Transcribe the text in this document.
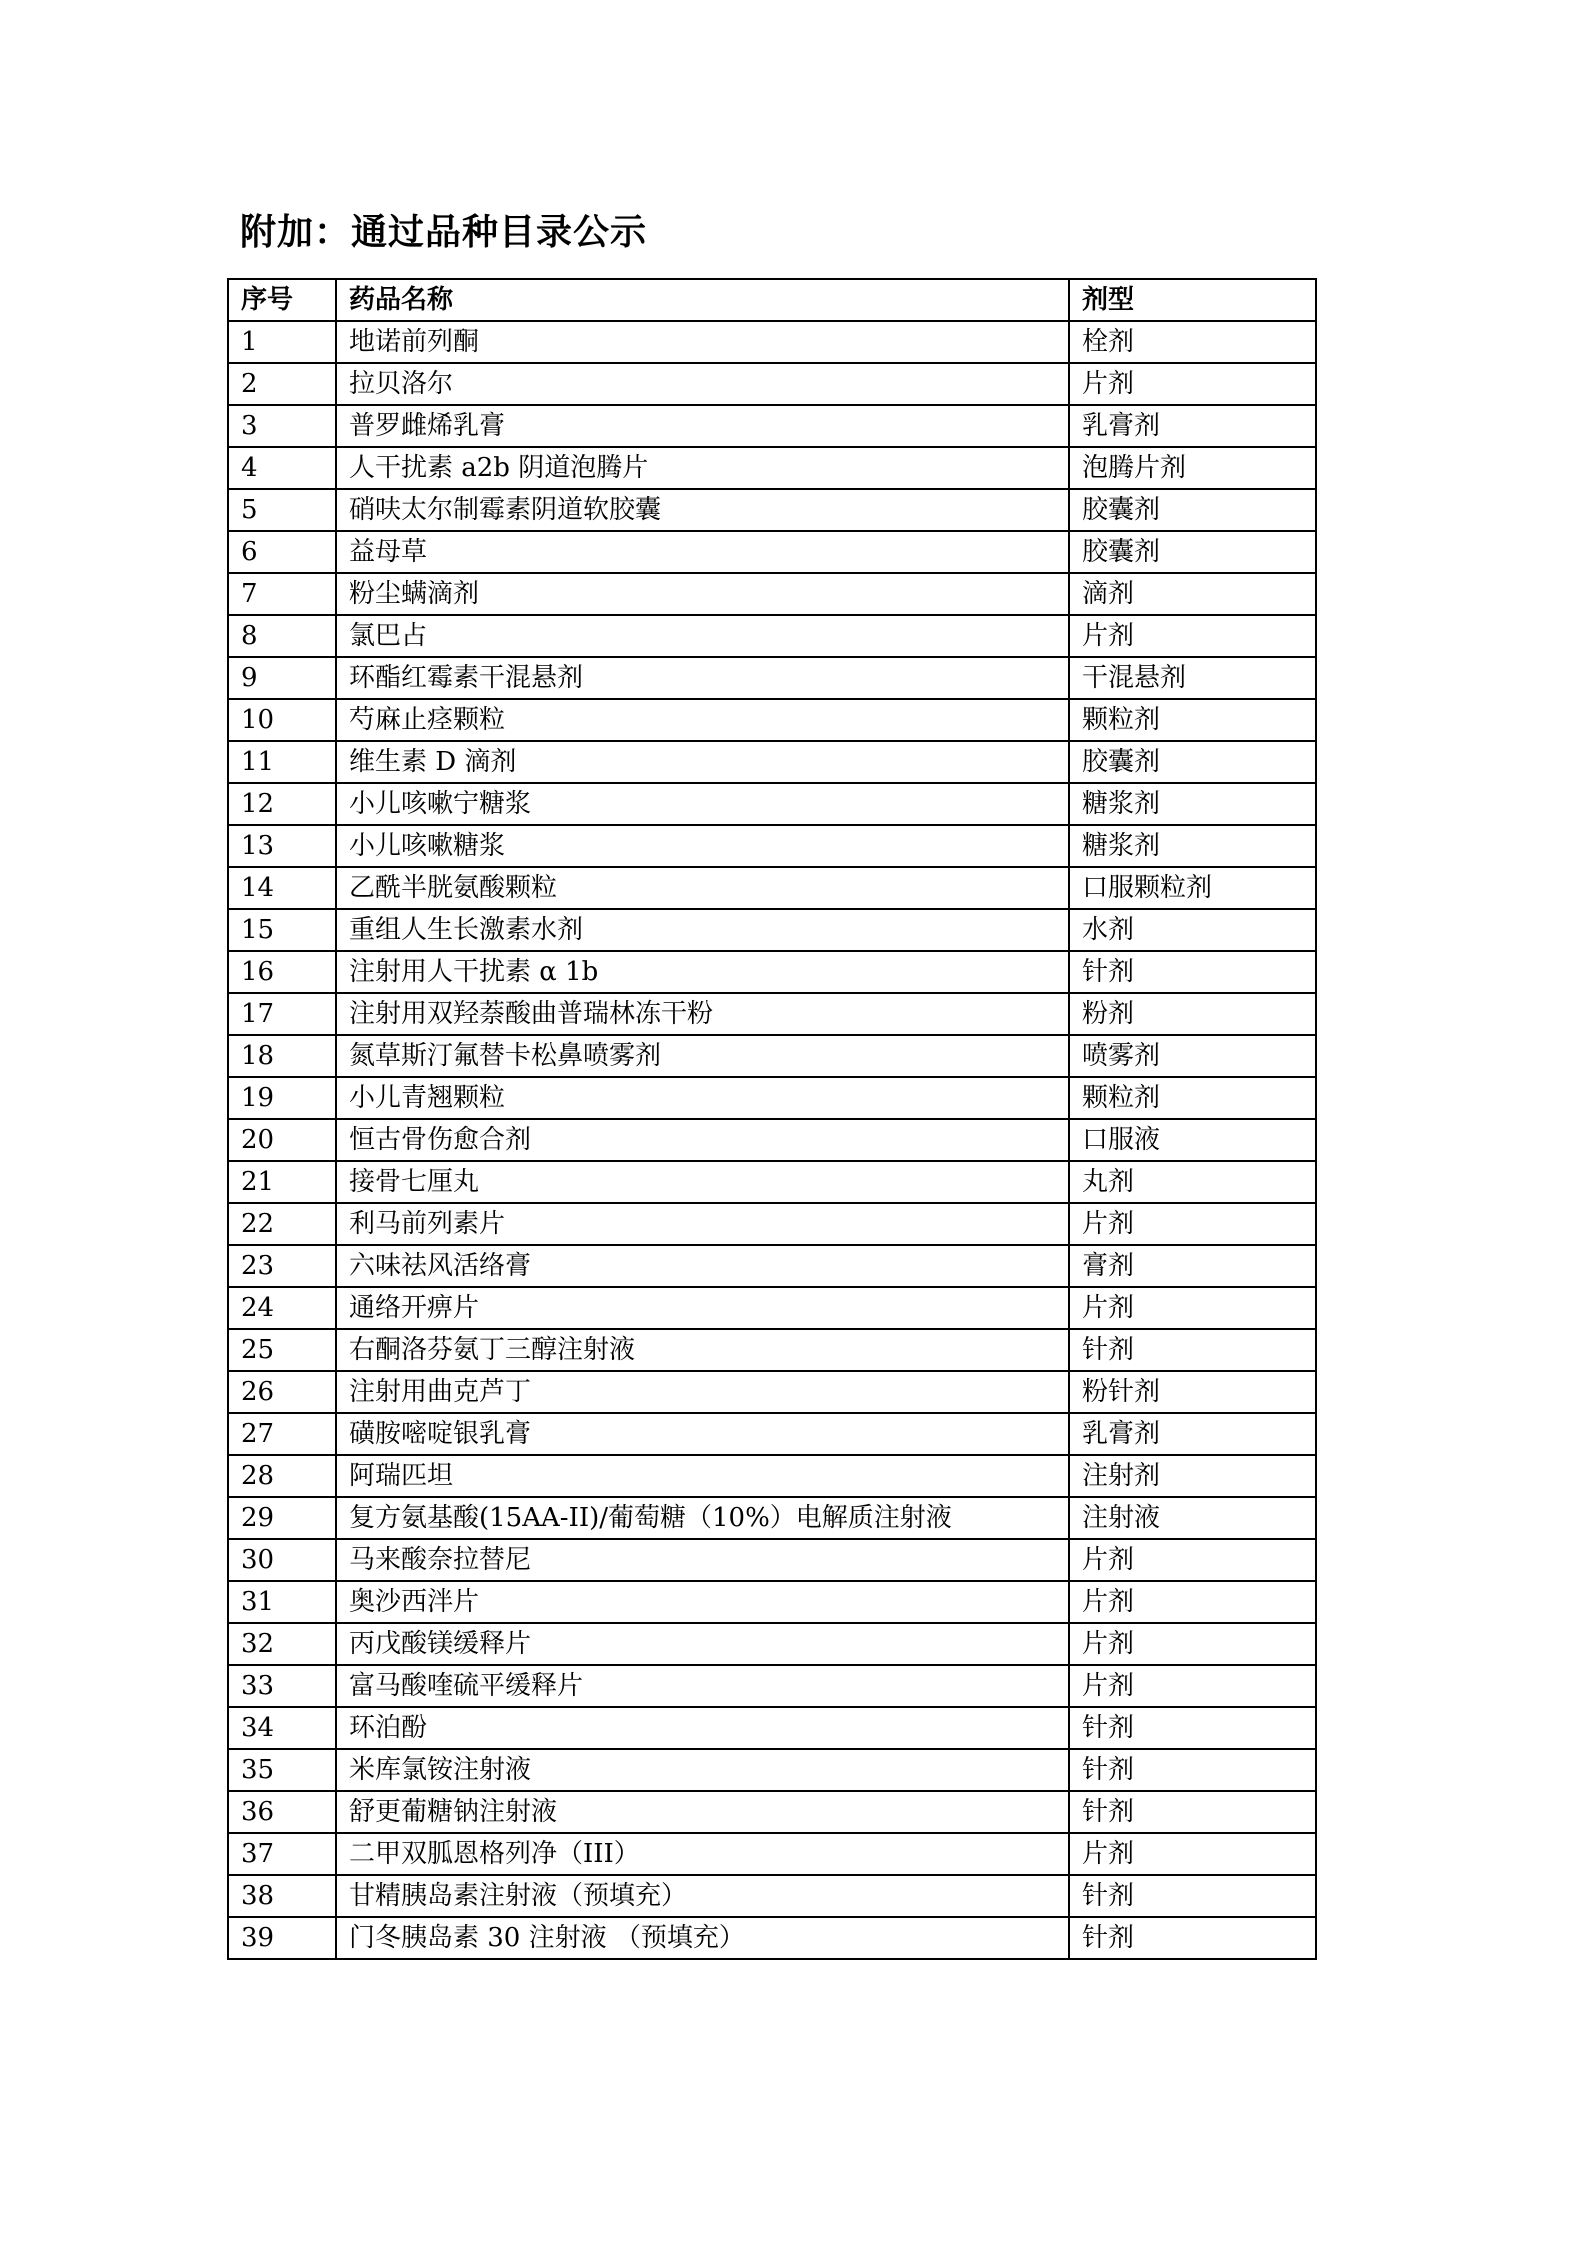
附加：通过品种目录公示
序号	药品名称	剂型
1	地诺前列酮	栓剂
2	拉贝洛尔	片剂
3	普罗雌烯乳膏	乳膏剂
4	人干扰素 a2b 阴道泡腾片	泡腾片剂
5	硝呋太尔制霉素阴道软胶囊	胶囊剂
6	益母草	胶囊剂
7	粉尘螨滴剂	滴剂
8	氯巴占	片剂
9	环酯红霉素干混悬剂	干混悬剂
10	芍麻止痉颗粒	颗粒剂
11	维生素 D 滴剂	胶囊剂
12	小儿咳嗽宁糖浆	糖浆剂
13	小儿咳嗽糖浆	糖浆剂
14	乙酰半胱氨酸颗粒	口服颗粒剂
15	重组人生长激素水剂	水剂
16	注射用人干扰素 α 1b	针剂
17	注射用双羟萘酸曲普瑞林冻干粉	粉剂
18	氮草斯汀氟替卡松鼻喷雾剂	喷雾剂
19	小儿青翘颗粒	颗粒剂
20	恒古骨伤愈合剂	口服液
21	接骨七厘丸	丸剂
22	利马前列素片	片剂
23	六味祛风活络膏	膏剂
24	通络开痹片	片剂
25	右酮洛芬氨丁三醇注射液	针剂
26	注射用曲克芦丁	粉针剂
27	磺胺嘧啶银乳膏	乳膏剂
28	阿瑞匹坦	注射剂
29	复方氨基酸(15AA-II)/葡萄糖（10%）电解质注射液	注射液
30	马来酸奈拉替尼	片剂
31	奥沙西泮片	片剂
32	丙戊酸镁缓释片	片剂
33	富马酸喹硫平缓释片	片剂
34	环泊酚	针剂
35	米库氯铵注射液	针剂
36	舒更葡糖钠注射液	针剂
37	二甲双胍恩格列净（III）	片剂
38	甘精胰岛素注射液（预填充）	针剂
39	门冬胰岛素 30 注射液 （预填充）	针剂
